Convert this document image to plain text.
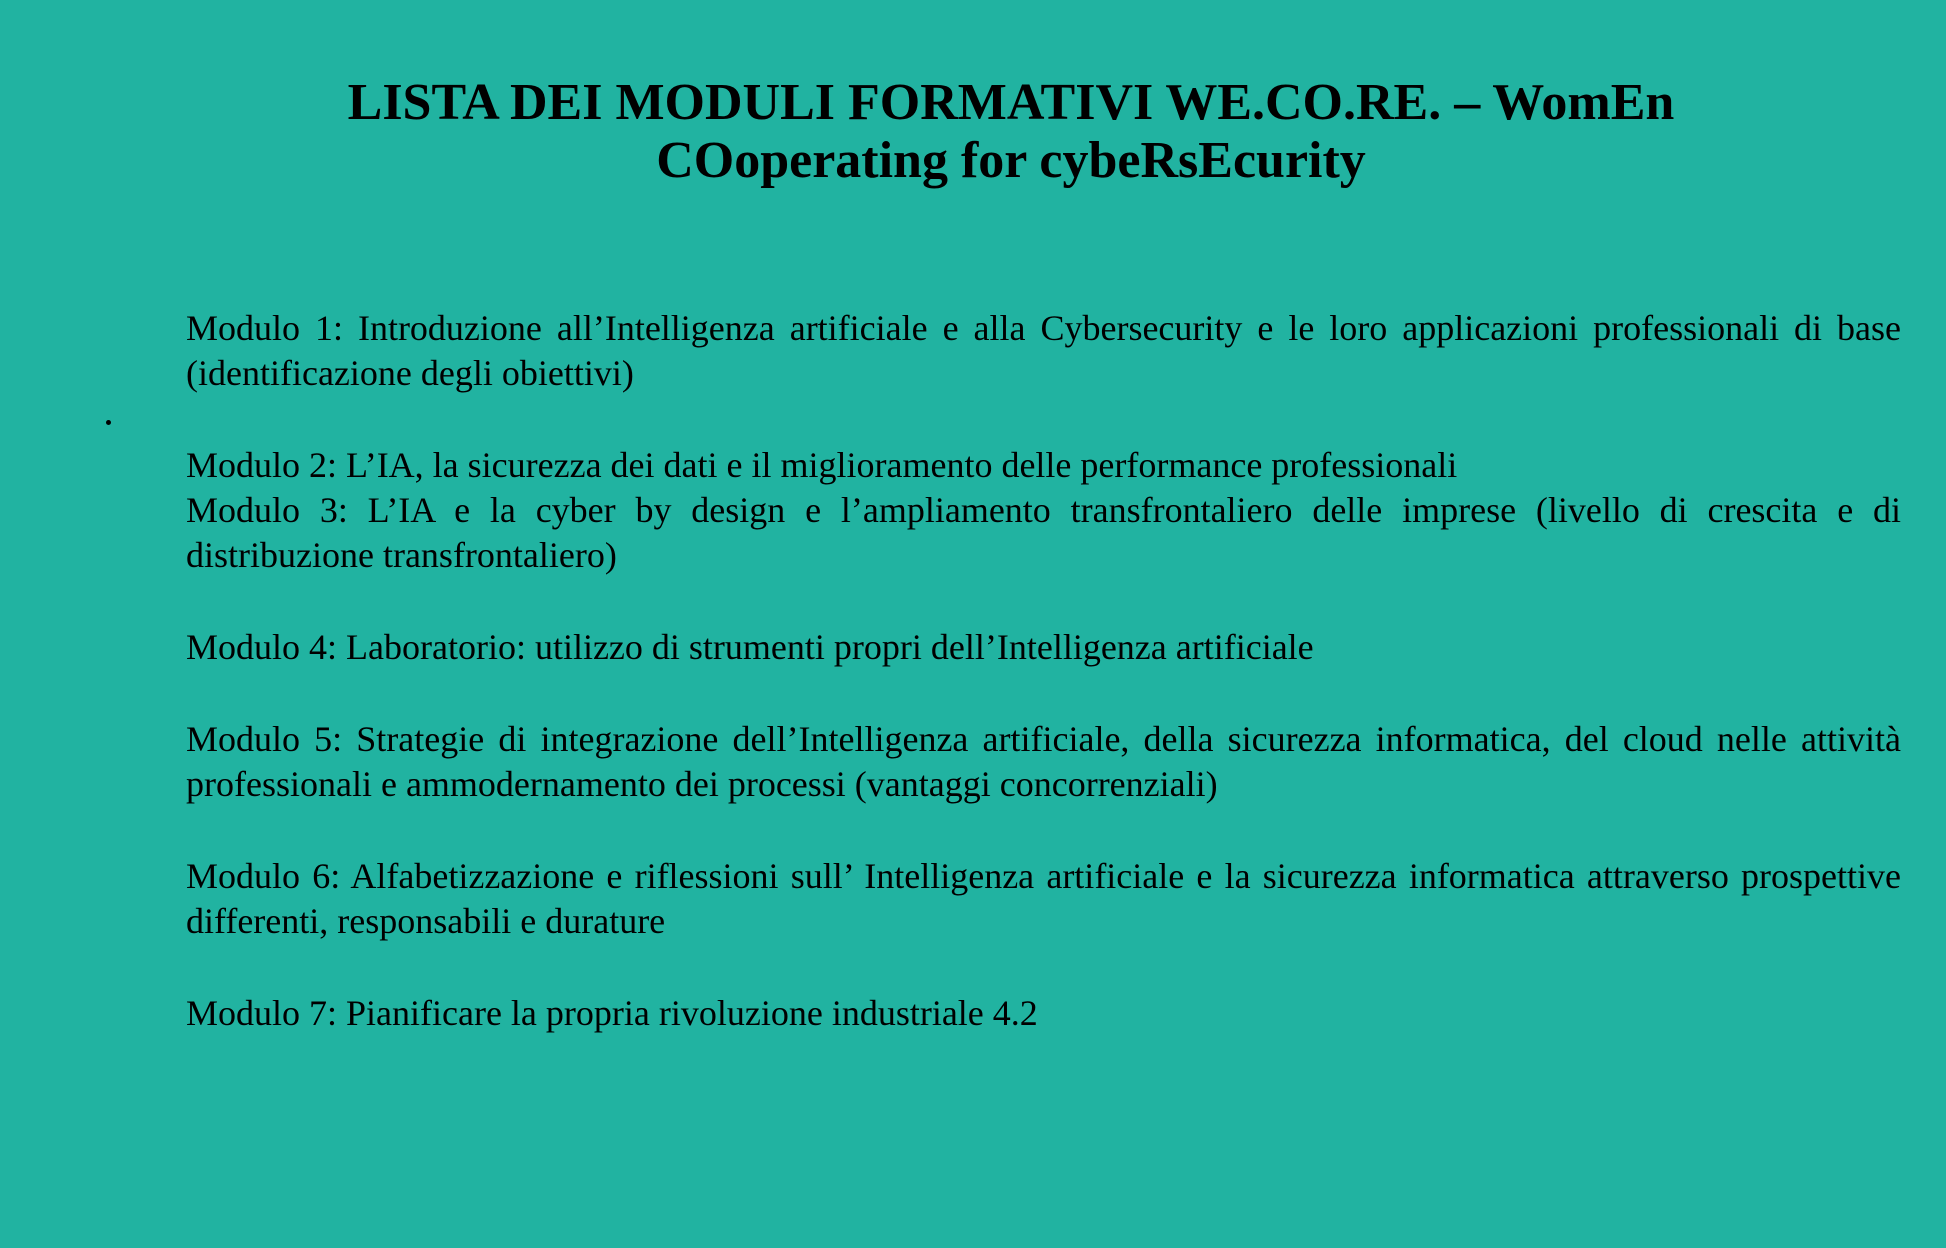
LISTA DEI MODULI FORMATIVI WE.CO.RE. – WomEn
COoperating for cybeRsEcurity
Modulo 1: Introduzione all’Intelligenza artificiale e alla Cybersecurity e le loro applicazioni professionali di base (identificazione degli obiettivi)
Modulo 2: L’IA, la sicurezza dei dati e il miglioramento delle performance professionali
Modulo 3: L’IA e la cyber by design e l’ampliamento transfrontaliero delle imprese (livello di crescita e di distribuzione transfrontaliero)
Modulo 4: Laboratorio: utilizzo di strumenti propri dell’Intelligenza artificiale
Modulo 5: Strategie di integrazione dell’Intelligenza artificiale, della sicurezza informatica, del cloud nelle attività professionali e ammodernamento dei processi (vantaggi concorrenziali)
Modulo 6: Alfabetizzazione e riflessioni sull’ Intelligenza artificiale e la sicurezza informatica attraverso prospettive differenti, responsabili e durature
Modulo 7: Pianificare la propria rivoluzione industriale 4.2
